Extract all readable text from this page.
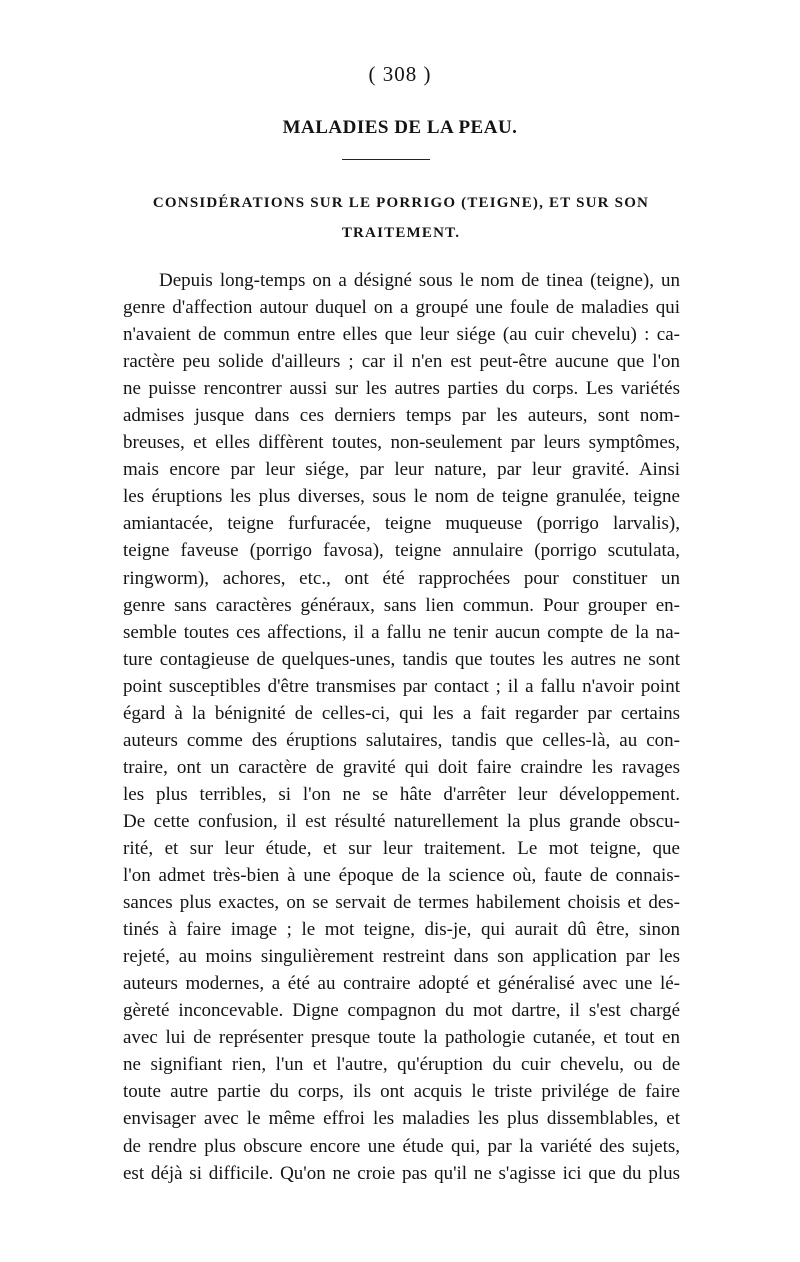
( 308 )
MALADIES DE LA PEAU.
CONSIDÉRATIONS SUR LE PORRIGO (TEIGNE), ET SUR SON TRAITEMENT.
Depuis long-temps on a désigné sous le nom de tinea (teigne), un
genre d'affection autour duquel on a groupé une foule de maladies qui
n'avaient de commun entre elles que leur siége (au cuir chevelu) : ca-
ractère peu solide d'ailleurs ; car il n'en est peut-être aucune que l'on
ne puisse rencontrer aussi sur les autres parties du corps. Les variétés
admises jusque dans ces derniers temps par les auteurs, sont nom-
breuses, et elles diffèrent toutes, non-seulement par leurs symptômes,
mais encore par leur siége, par leur nature, par leur gravité. Ainsi
les éruptions les plus diverses, sous le nom de teigne granulée, teigne
amiantacée, teigne furfuracée, teigne muqueuse (porrigo larvalis),
teigne faveuse (porrigo favosa), teigne annulaire (porrigo scutulata,
ringworm), achores, etc., ont été rapprochées pour constituer un
genre sans caractères généraux, sans lien commun. Pour grouper en-
semble toutes ces affections, il a fallu ne tenir aucun compte de la na-
ture contagieuse de quelques-unes, tandis que toutes les autres ne sont
point susceptibles d'être transmises par contact ; il a fallu n'avoir point
égard à la bénignité de celles-ci, qui les a fait regarder par certains
auteurs comme des éruptions salutaires, tandis que celles-là, au con-
traire, ont un caractère de gravité qui doit faire craindre les ravages
les plus terribles, si l'on ne se hâte d'arrêter leur développement.
De cette confusion, il est résulté naturellement la plus grande obscu-
rité, et sur leur étude, et sur leur traitement. Le mot teigne, que
l'on admet très-bien à une époque de la science où, faute de connais-
sances plus exactes, on se servait de termes habilement choisis et des-
tinés à faire image ; le mot teigne, dis-je, qui aurait dû être, sinon
rejeté, au moins singulièrement restreint dans son application par les
auteurs modernes, a été au contraire adopté et généralisé avec une lé-
gèreté inconcevable. Digne compagnon du mot dartre, il s'est chargé
avec lui de représenter presque toute la pathologie cutanée, et tout en
ne signifiant rien, l'un et l'autre, qu'éruption du cuir chevelu, ou de
toute autre partie du corps, ils ont acquis le triste privilége de faire
envisager avec le même effroi les maladies les plus dissemblables, et
de rendre plus obscure encore une étude qui, par la variété des sujets,
est déjà si difficile. Qu'on ne croie pas qu'il ne s'agisse ici que du plus
